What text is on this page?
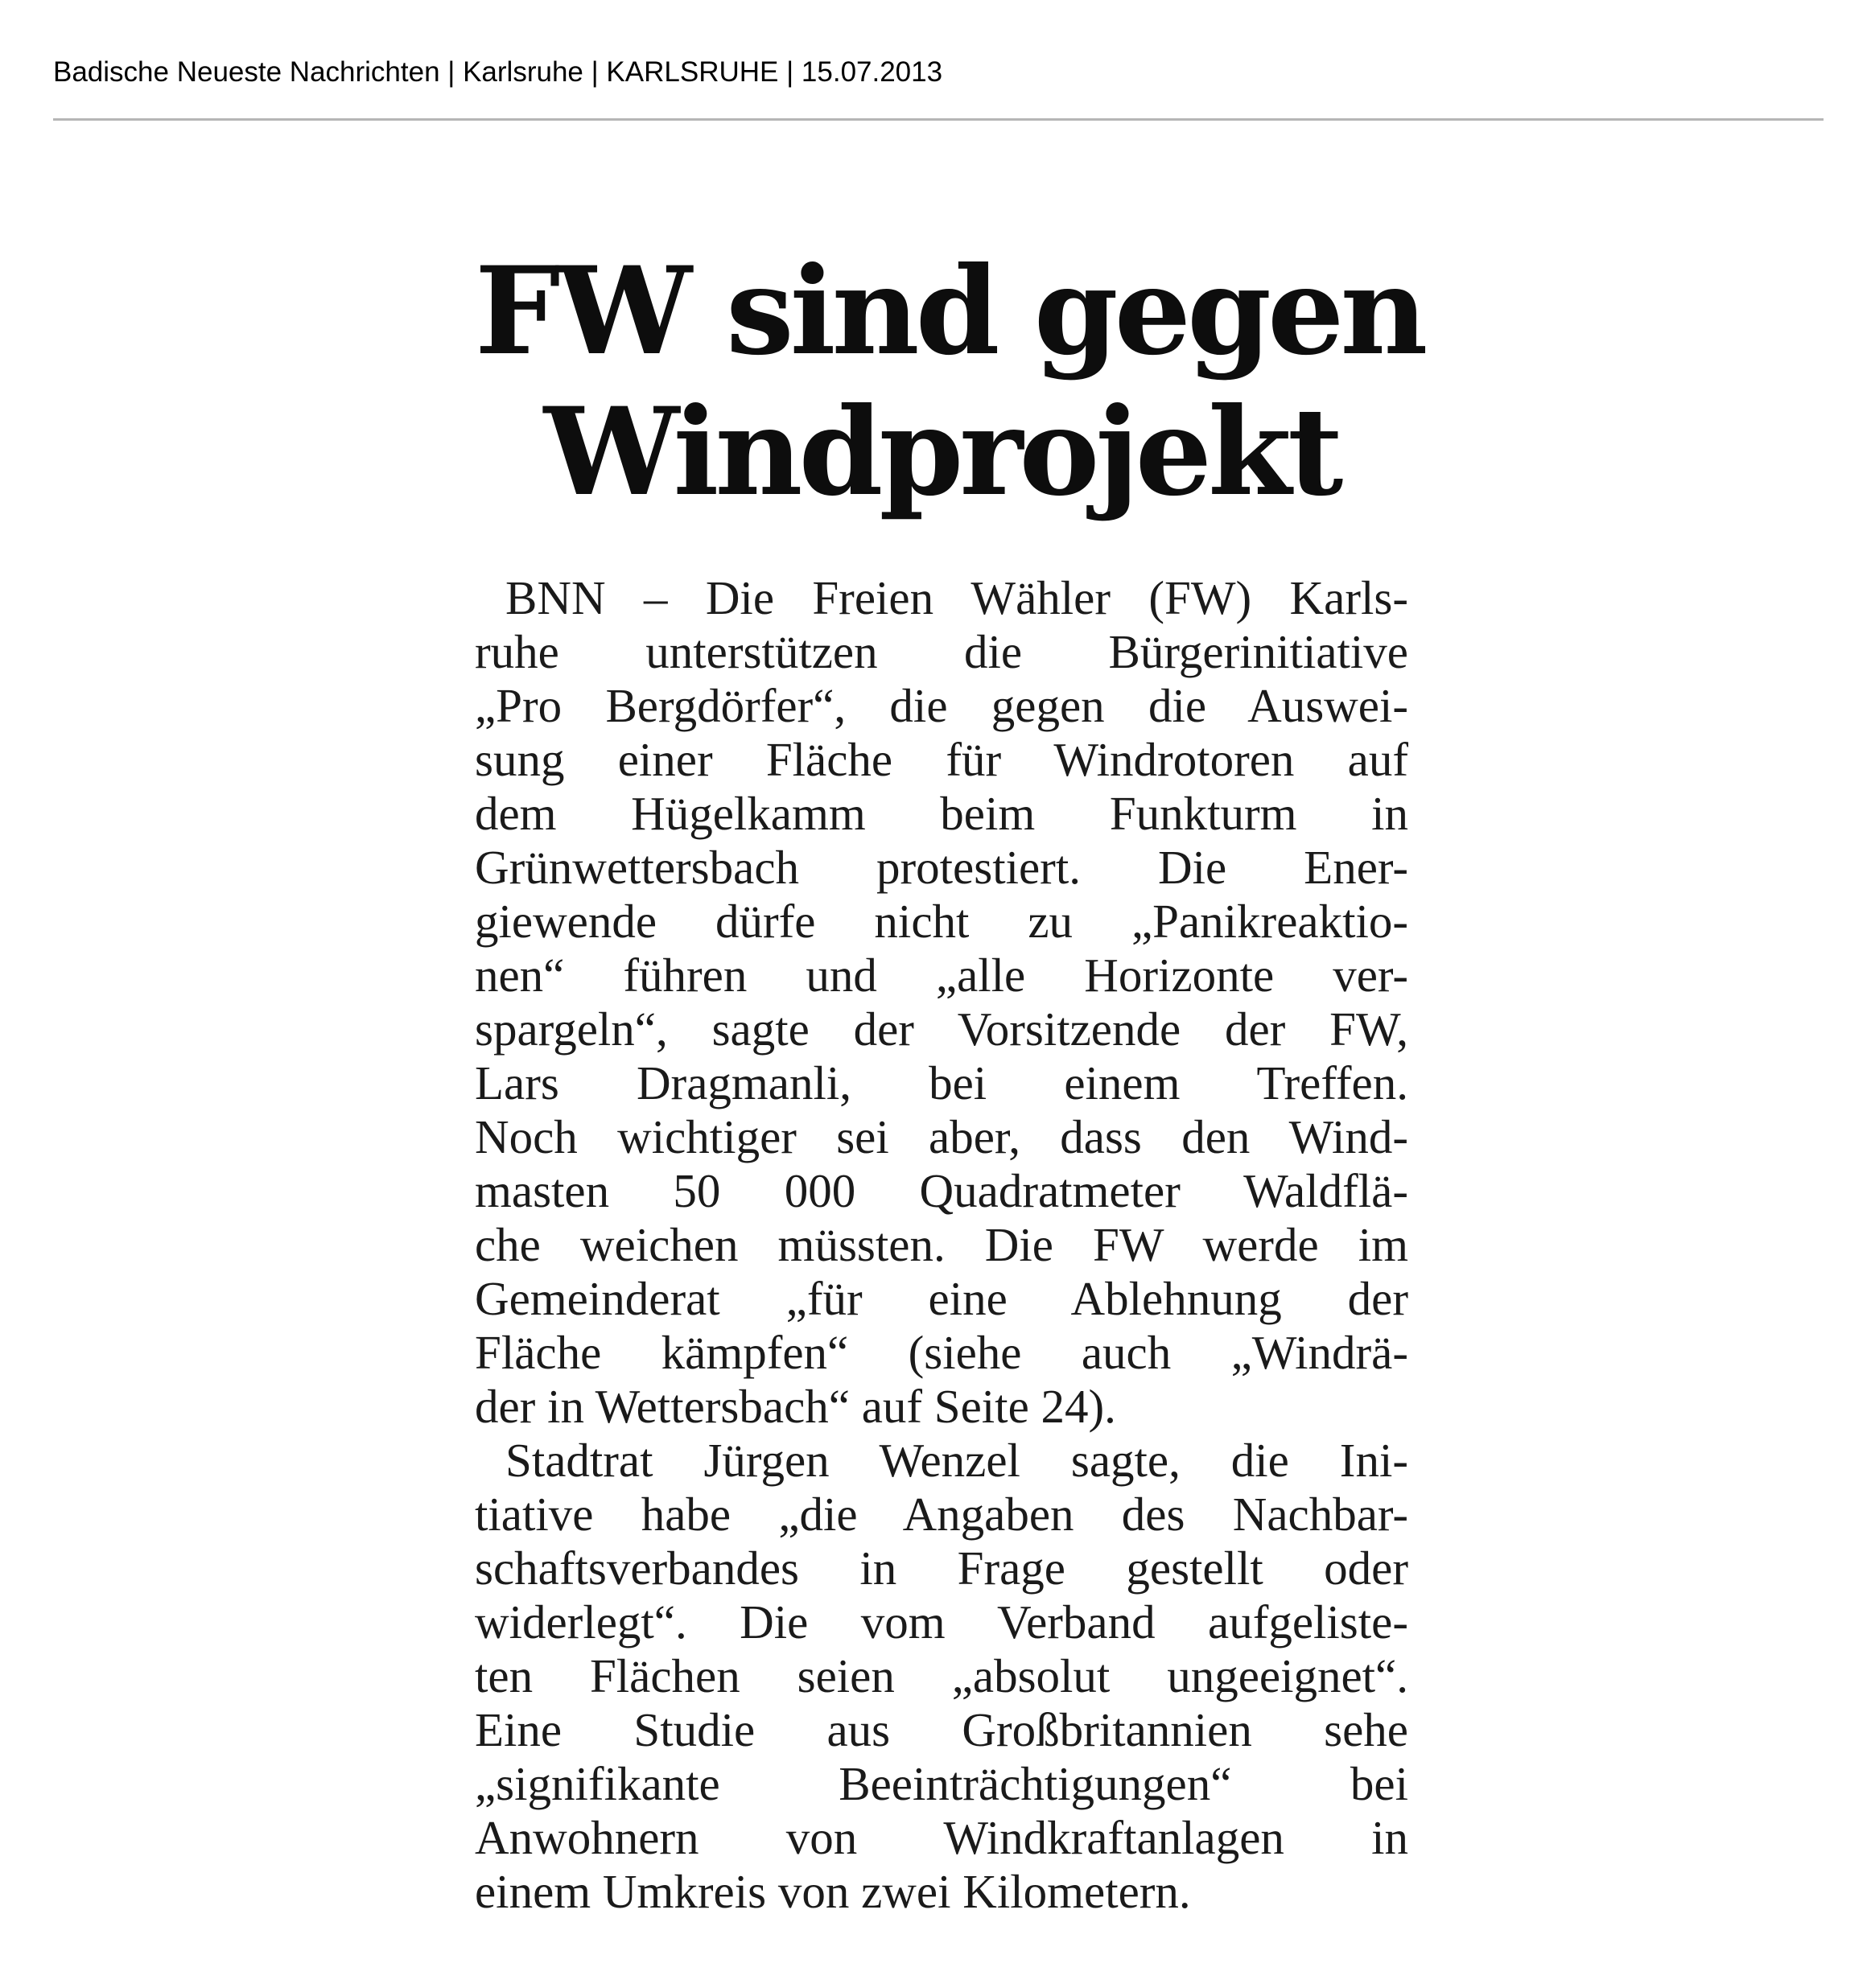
Badische Neueste Nachrichten | Karlsruhe | KARLSRUHE | 15.07.2013
FW sind gegen
Windprojekt
BNN – Die Freien Wähler (FW) Karls-
ruhe unterstützen die Bürgerinitiative
„Pro Bergdörfer“, die gegen die Auswei-
sung einer Fläche für Windrotoren auf
dem Hügelkamm beim Funkturm in
Grünwettersbach protestiert. Die Ener-
giewende dürfe nicht zu „Panikreaktio-
nen“ führen und „alle Horizonte ver-
spargeln“, sagte der Vorsitzende der FW,
Lars Dragmanli, bei einem Treffen.
Noch wichtiger sei aber, dass den Wind-
masten 50 000 Quadratmeter Waldflä-
che weichen müssten. Die FW werde im
Gemeinderat „für eine Ablehnung der
Fläche kämpfen“ (siehe auch „Windrä-
der in Wettersbach“ auf Seite 24).
Stadtrat Jürgen Wenzel sagte, die Ini-
tiative habe „die Angaben des Nachbar-
schaftsverbandes in Frage gestellt oder
widerlegt“. Die vom Verband aufgeliste-
ten Flächen seien „absolut ungeeignet“.
Eine Studie aus Großbritannien sehe
„signifikante Beeinträchtigungen“ bei
Anwohnern von Windkraftanlagen in
einem Umkreis von zwei Kilometern.
